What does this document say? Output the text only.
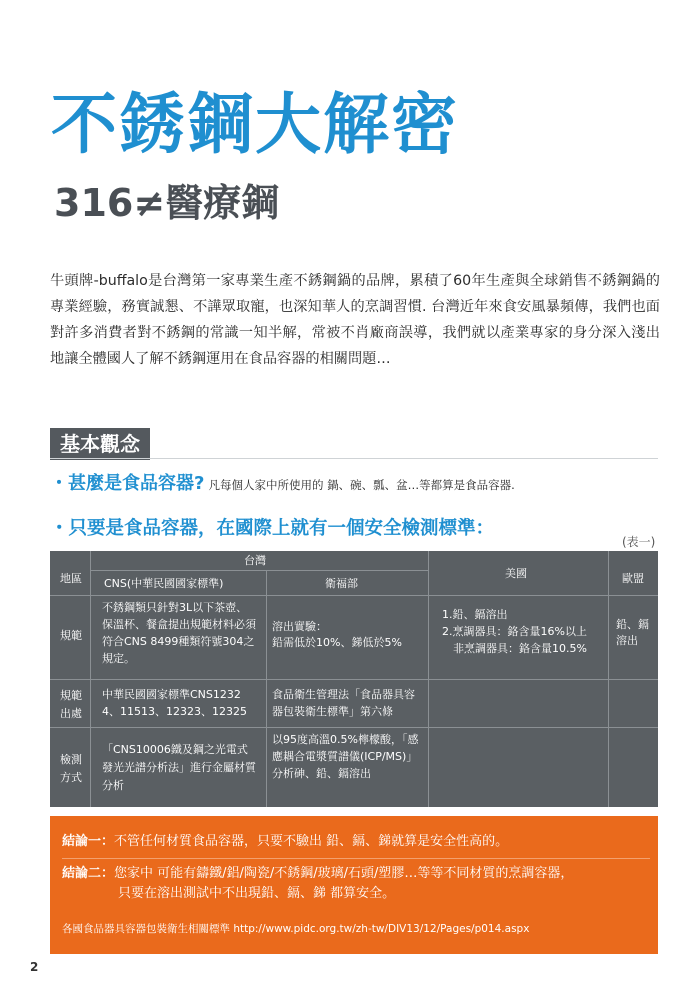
不銹鋼大解密
316≠醫療鋼
牛頭牌-buffalo是台灣第一家專業生產不銹鋼鍋的品牌，累積了60年生產與全球銷售不銹鋼鍋的專業經驗，務實誠懇、不譁眾取寵，也深知華人的烹調習慣. 台灣近年來食安風暴頻傳，我們也面對許多消費者對不銹鋼的常識一知半解，常被不肖廠商誤導，我們就以產業專家的身分深入淺出地讓全體國人了解不銹鋼運用在食品容器的相關問題…
基本觀念
・甚麼是食品容器? 凡每個人家中所使用的 鍋、碗、瓢、盆…等都算是食品容器.
・只要是食品容器，在國際上就有一個安全檢測標準：
(表一)
地區
台灣
CNS(中華民國國家標準)	衛福部
美國	歐盟
規範
不銹鋼類只針對3L以下茶壺、保溫杯、餐盒提出規範材料必須符合CNS 8499種類符號304之規定。
溶出實驗：
鉛需低於10%、銻低於5%
1.鉛、鎘溶出
2.烹調器具：鉻含量16%以上
非烹調器具：鉻含量10.5%
鉛、鎘溶出
規範
出處
中華民國國家標準CNS12324、11513、12323、12325
食品衛生管理法「食品器具容器包裝衛生標準」第六條
檢測
方式
「CNS10006鐵及鋼之光電式發光光譜分析法」進行金屬材質分析
以95度高溫0.5%檸檬酸，「感應耦合電漿質譜儀(ICP/MS)」分析砷、鉛、鎘溶出
結論一：不管任何材質食品容器，只要不驗出 鉛、鎘、銻就算是安全性高的。
結論二：您家中 可能有鑄鐵/鋁/陶瓷/不銹鋼/玻璃/石頭/塑膠…等等不同材質的烹調容器，
只要在溶出測試中不出現鉛、鎘、銻 都算安全。
各國食品器具容器包裝衛生相關標準 http://www.pidc.org.tw/zh-tw/DIV13/12/Pages/p014.aspx
2
